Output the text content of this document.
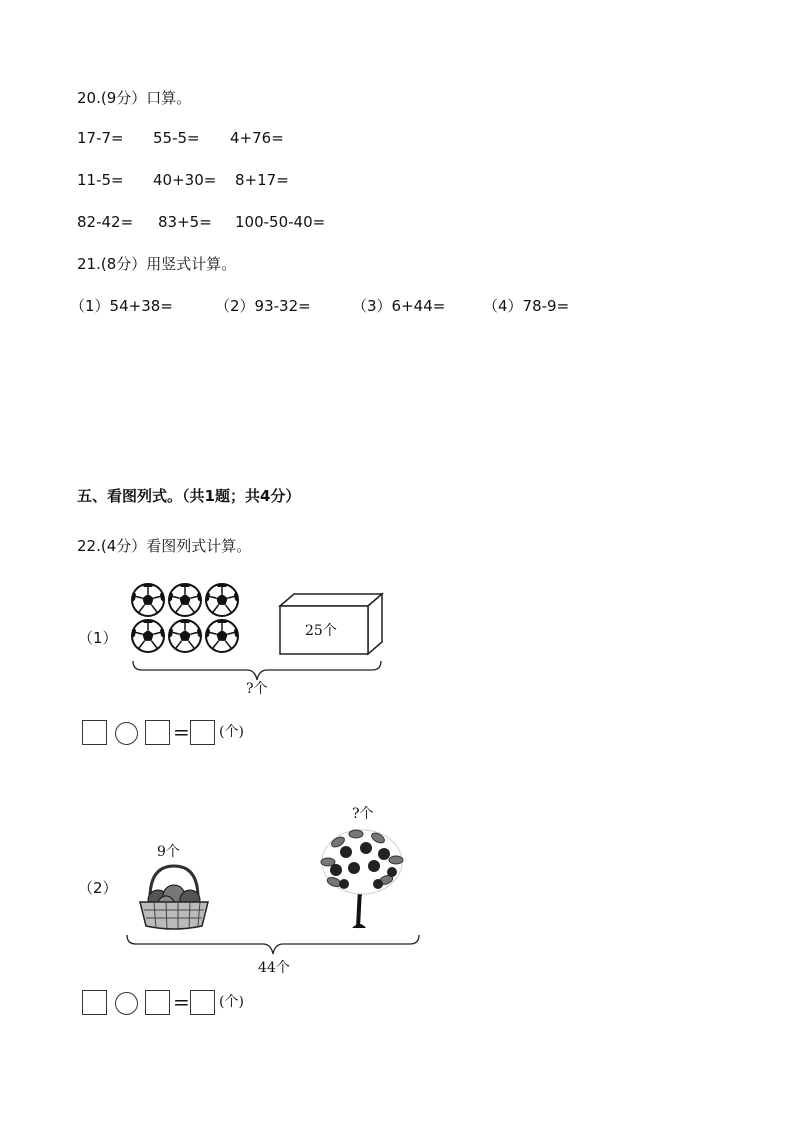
20.(9分）口算。
17-7= 55-5= 4+76=
11-5= 40+30= 8+17=
82-42= 83+5= 100-50-40=
21.(8分）用竖式计算。
（1）54+38=	（2）93-32=	（3）6+44=	（4）78-9=
五、看图列式。（共1题；共4分）
22.(4分）看图列式计算。
（1）	25个
?个
= (个)
（2）
?个
9个
44个
= (个)
